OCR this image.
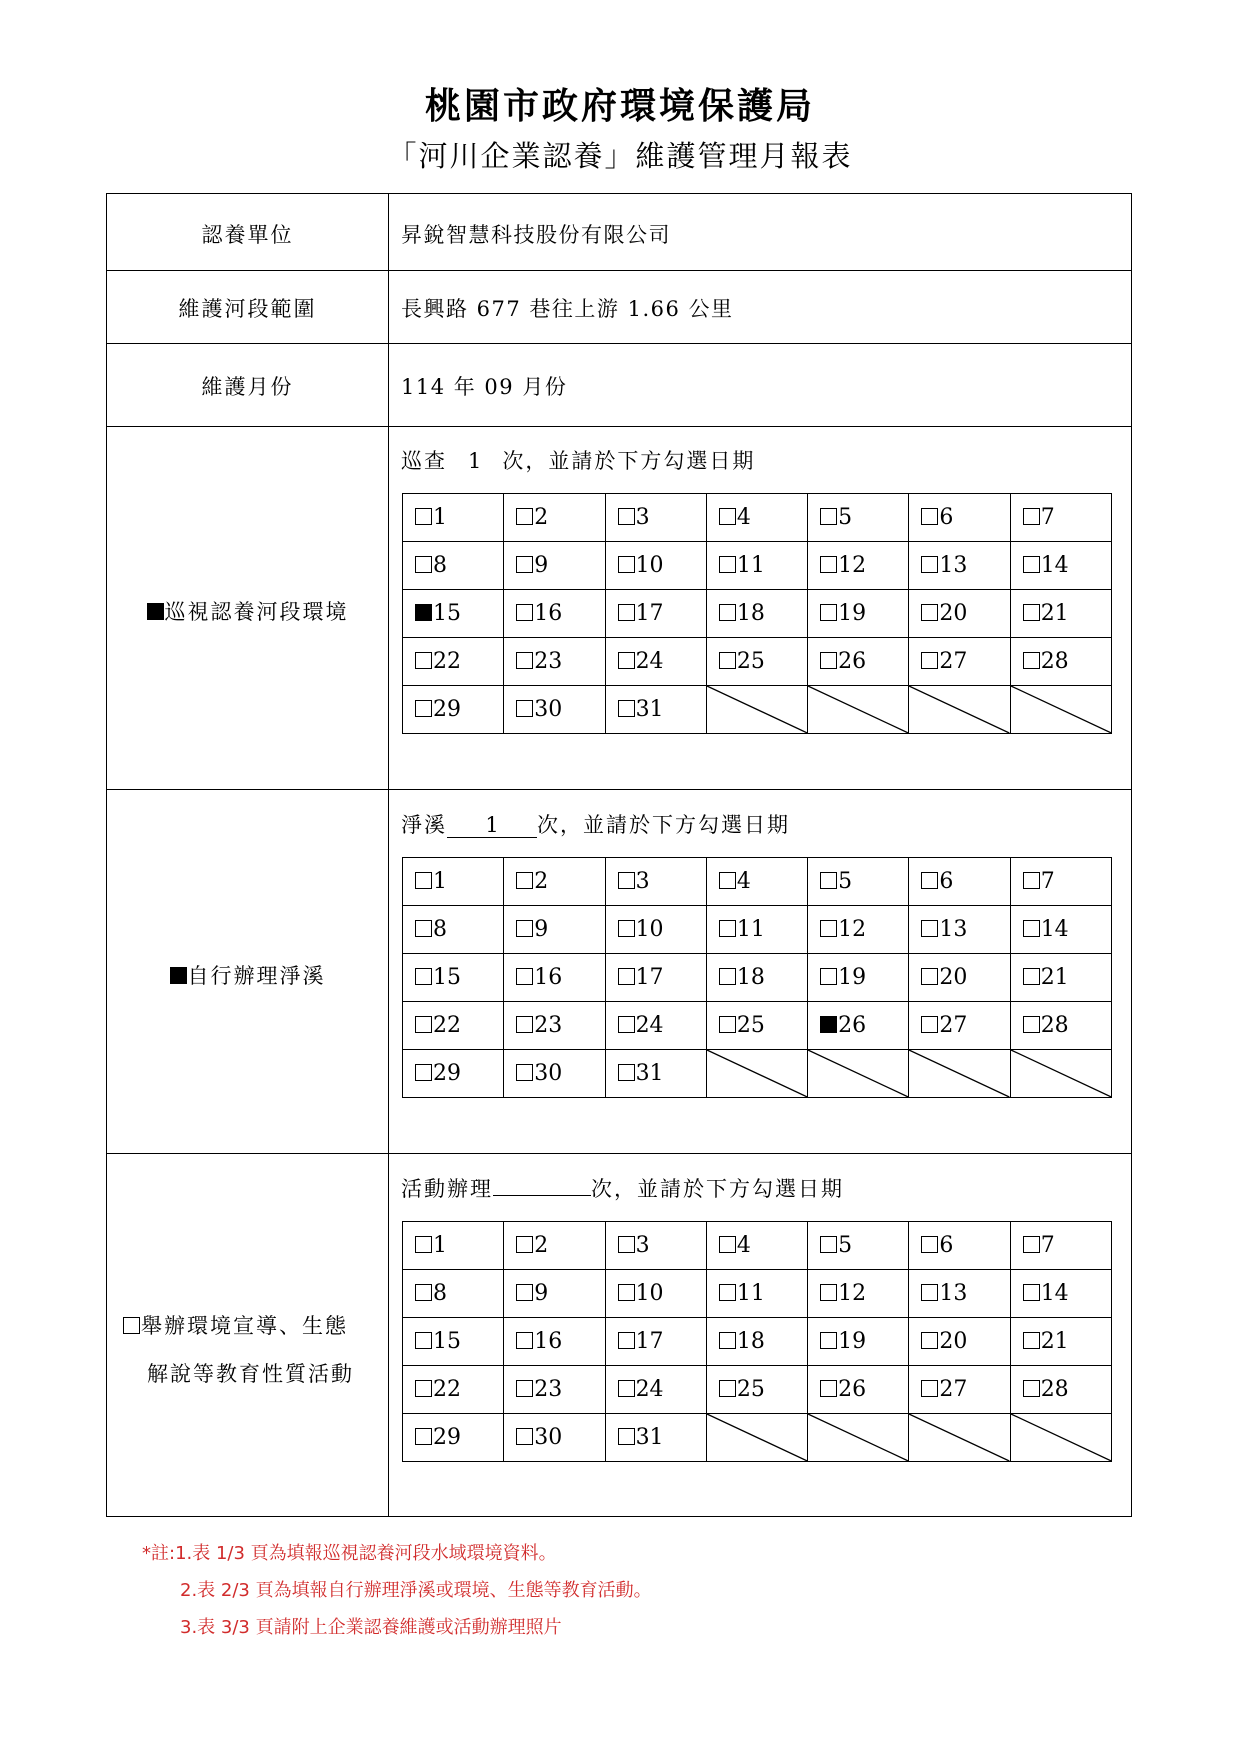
桃園市政府環境保護局
「河川企業認養」維護管理月報表
認養單位	昇銳智慧科技股份有限公司
維護河段範圍	長興路 677 巷往上游 1.66 公里
維護月份	114 年 09 月份
巡視認養河段環境
巡查 1 次，並請於下方勾選日期
1	2	3	4	5	6	7
8	9	10	11	12	13	14
15	16	17	18	19	20	21
22	23	24	25	26	27	28
29	30	31	

自行辦理淨溪
淨溪 1 次，並請於下方勾選日期
1	2	3	4	5	6	7
8	9	10	11	12	13	14
15	16	17	18	19	20	21
22	23	24	25	26	27	28
29	30	31	

舉辦環境宣導、生態
解說等教育性質活動
活動辦理	次，並請於下方勾選日期
1	2	3	4	5	6	7
8	9	10	11	12	13	14
15	16	17	18	19	20	21
22	23	24	25	26	27	28
29	30	31	

*註:1.表 1/3 頁為填報巡視認養河段水域環境資料。
2.表 2/3 頁為填報自行辦理淨溪或環境、生態等教育活動。
3.表 3/3 頁請附上企業認養維護或活動辦理照片
